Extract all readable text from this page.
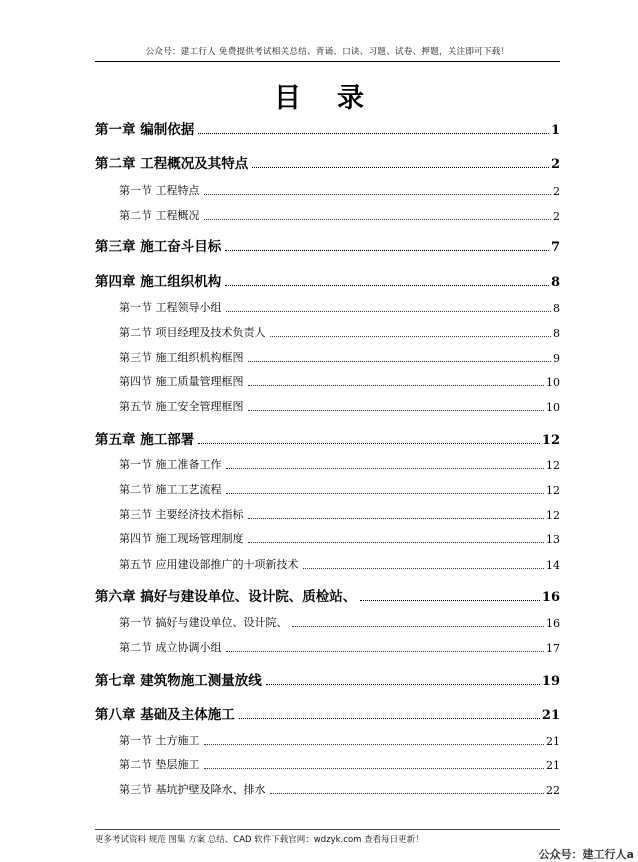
公众号：建工行人 免费提供考试相关总结、背诵、口诀、习题、试卷、押题，关注即可下载！
目录
第一章 编制依据	1
第二章 工程概况及其特点	2
第一节 工程特点	2
第二节 工程概况	2
第三章 施工奋斗目标	7
第四章 施工组织机构	8
第一节 工程领导小组	8
第二节 项目经理及技术负责人	8
第三节 施工组织机构框图	9
第四节 施工质量管理框图	10
第五节 施工安全管理框图	10
第五章 施工部署	12
第一节 施工准备工作	12
第二节 施工工艺流程	12
第三节 主要经济技术指标	12
第四节 施工现场管理制度	13
第五节 应用建设部推广的十项新技术	14
第六章 搞好与建设单位、设计院、质检站、	16
第一节 搞好与建设单位、设计院、	16
第二节 成立协调小组	17
第七章 建筑物施工测量放线	19
第八章 基础及主体施工	21
第一节 土方施工	21
第二节 垫层施工	21
第三节 基坑护壁及降水、排水	22
更多考试资料 规范 图集 方案 总结、CAD 软件下载官网：wdzyk.com 查看每日更新！
公众号：建工行人a
